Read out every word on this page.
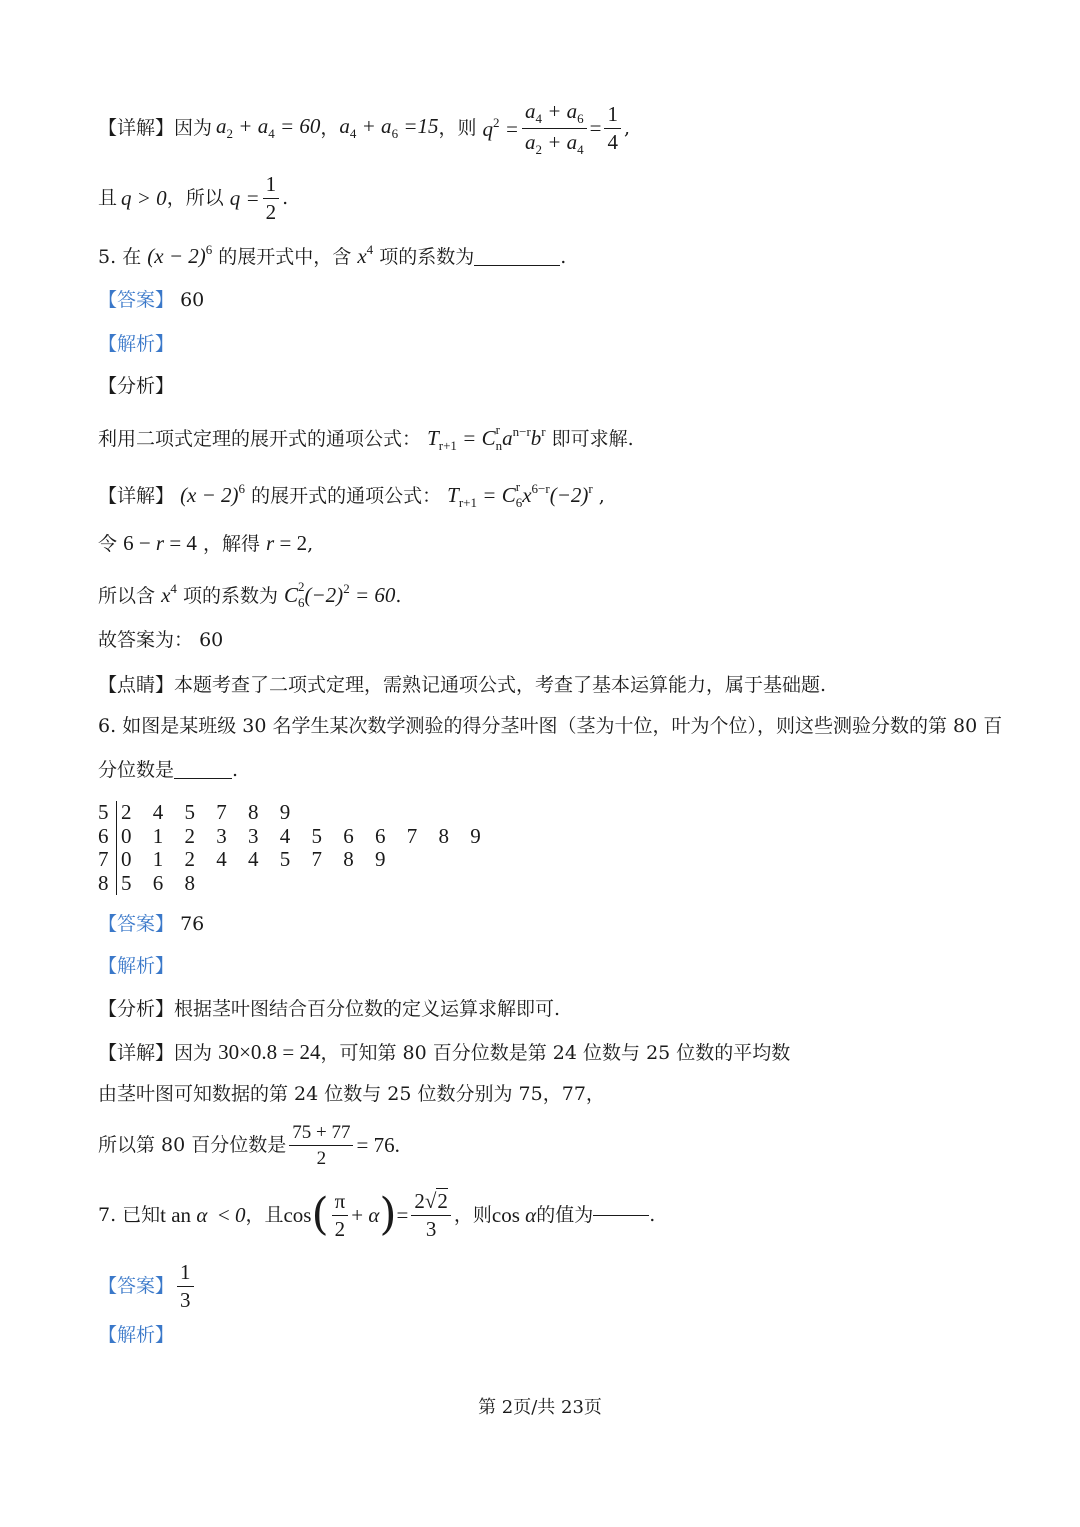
【详解】 因为 $a_2 + a_4 = 60$ ， $a_4 + a_6 =15$ ， 则 $q^2 = \frac{a_4 + a_6}{a_2 + a_4} = \frac{1}{4}$ ,
且 q > 0 ， 所以 $q = \frac{1}{2}$ .
5. 在 $(x - 2)^6$ 的展开式中，含 $x^4$ 项的系数为	.
【答案】 60
【解析】
【分析】
利用二项式定理的展开式的通项公式： $T_{r+1} = C$ $_{r n}a^{n-r}b^r$ 即可求解.
【详解】 $(x - 2)^6$ 的展开式的通项公式： $T_{r+1} = C$ $_{r 6}x^{6-r}(-2)^r$ ,
令 6 − r = 4 ，解得 r = 2,
所以含 $x^4$ 项的系数为 C $_{2 6}(-2)^2 = 60$.
故答案为： 60
【点睛】本题考查了二项式定理，需熟记通项公式，考查了基本运算能力，属于基础题.
6. 如图是某班级 30 名学生某次数学测验的得分茎叶图（茎为十位，叶为个位），则这些测验分数的第 80 百
分位数是	.
5 2 4 5 7 8 9
6 0 1 2 3 3 4 5 6 6 7 8 9
7 0 1 2 4 4 5 7 8 9
8 5 6 8
【答案】 76
【解析】
【分析】根据茎叶图结合百分位数的定义运算求解即可.
【详解】因为 30×0.8 = 24，可知第 80 百分位数是第 24 位数与 25 位数的平均数
由茎叶图可知数据的第 24 位数与 25 位数分别为 75，77，
所以第 80 百分位数是 $\frac{75 + 77}{2} = 76$.
7. 已知 t an α  < 0 ，且 cos ( $\frac{\pi}{2} + \alpha$ ) = $\frac{2√2}{3}$ ，则 cos α 的值为	.
【答案】 $\frac{1}{3}$
【解析】
第 2页/共 23页
